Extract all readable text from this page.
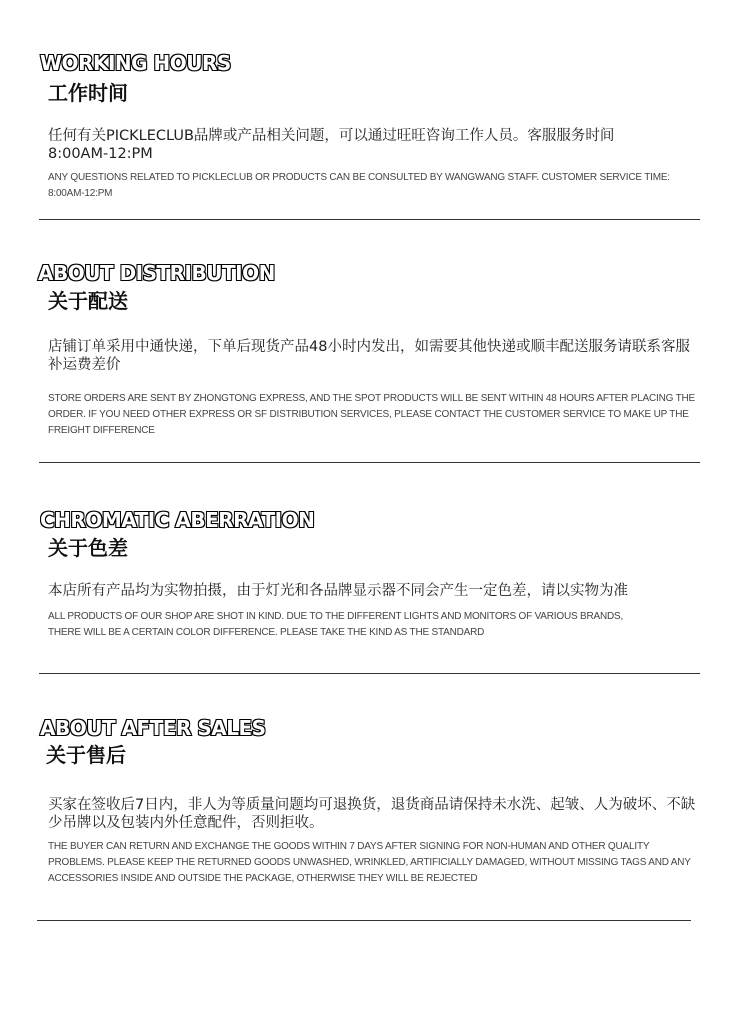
WORKING HOURS
工作时间

任何有关PICKLECLUB品牌或产品相关问题，可以通过旺旺咨询工作人员。客服服务时间8:00AM-12:PM

ANY QUESTIONS RELATED TO PICKLECLUB OR PRODUCTS CAN BE CONSULTED BY WANGWANG STAFF. CUSTOMER SERVICE TIME: 8:00AM-12:PM

ABOUT DISTRIBUTION
关于配送

店铺订单采用中通快递，下单后现货产品48小时内发出，如需要其他快递或顺丰配送服务请联系客服补运费差价

STORE ORDERS ARE SENT BY ZHONGTONG EXPRESS, AND THE SPOT PRODUCTS WILL BE SENT WITHIN 48 HOURS AFTER PLACING THE ORDER. IF YOU NEED OTHER EXPRESS OR SF DISTRIBUTION SERVICES, PLEASE CONTACT THE CUSTOMER SERVICE TO MAKE UP THE FREIGHT DIFFERENCE

CHROMATIC ABERRATION
关于色差

本店所有产品均为实物拍摄，由于灯光和各品牌显示器不同会产生一定色差，请以实物为准

ALL PRODUCTS OF OUR SHOP ARE SHOT IN KIND. DUE TO THE DIFFERENT LIGHTS AND MONITORS OF VARIOUS BRANDS, THERE WILL BE A CERTAIN COLOR DIFFERENCE. PLEASE TAKE THE KIND AS THE STANDARD

ABOUT AFTER SALES
关于售后

买家在签收后7日内，非人为等质量问题均可退换货，退货商品请保持未水洗、起皱、人为破坏、不缺少吊牌以及包装内外任意配件，否则拒收。

THE BUYER CAN RETURN AND EXCHANGE THE GOODS WITHIN 7 DAYS AFTER SIGNING FOR NON-HUMAN AND OTHER QUALITY PROBLEMS. PLEASE KEEP THE RETURNED GOODS UNWASHED, WRINKLED, ARTIFICIALLY DAMAGED, WITHOUT MISSING TAGS AND ANY ACCESSORIES INSIDE AND OUTSIDE THE PACKAGE, OTHERWISE THEY WILL BE REJECTED
